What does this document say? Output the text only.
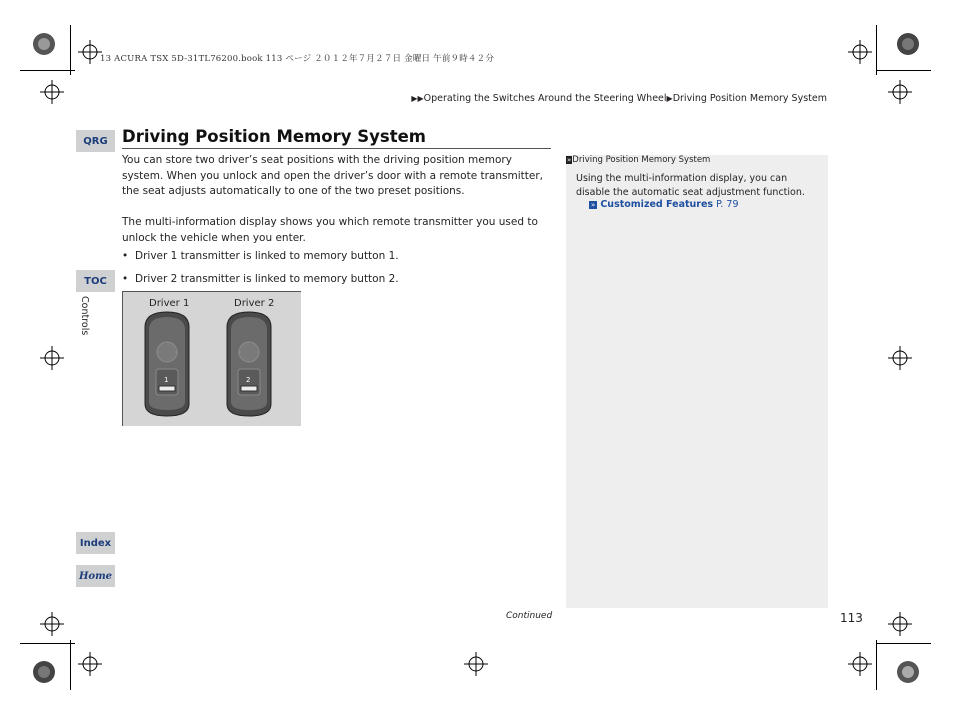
13 ACURA TSX 5D-31TL76200.book 113 ページ ２０１２年７月２７日 金曜日 午前９時４２分
▶▶Operating the Switches Around the Steering Wheel▶Driving Position Memory System
QRG
TOC
Controls
Index
Home
Driving Position Memory System
You can store two driver’s seat positions with the driving position memory system. When you unlock and open the driver’s door with a remote transmitter, the seat adjusts automatically to one of the two preset positions.
The multi-information display shows you which remote transmitter you used to unlock the vehicle when you enter.
• Driver 1 transmitter is linked to memory button 1.
• Driver 2 transmitter is linked to memory button 2.
Driver 1	Driver 2
1	2
»Driving Position Memory System
Using the multi-information display, you can disable the automatic seat adjustment function.
» Customized Features P. 79
Continued	113
